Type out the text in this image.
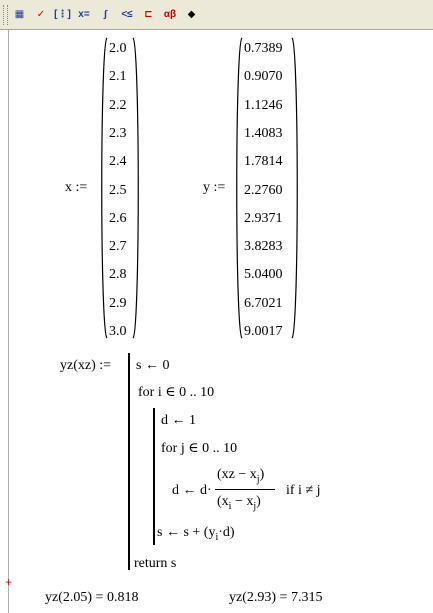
▦	✓ [⋮] x=	∫	<≤	⊏	αβ	◆
x :=
2.0
2.1
2.2
2.3
2.4
2.5
2.6
2.7
2.8
2.9
3.0
y :=
0.7389
0.9070
1.1246
1.4083
1.7814
2.2760
2.9371
3.8283
5.0400
6.7021
9.0017
yz(xz) := s ← 0
for i ∈ 0 .. 10
d ← 1
for j ∈ 0 .. 10
d ← d·
$(xz - x_j)$
$(x_i - x_j)$
if i ≠ j
s ← $s + (y_i\cdot d)$
return s
+
yz(2.05) = 0.818	yz(2.93) = 7.315
